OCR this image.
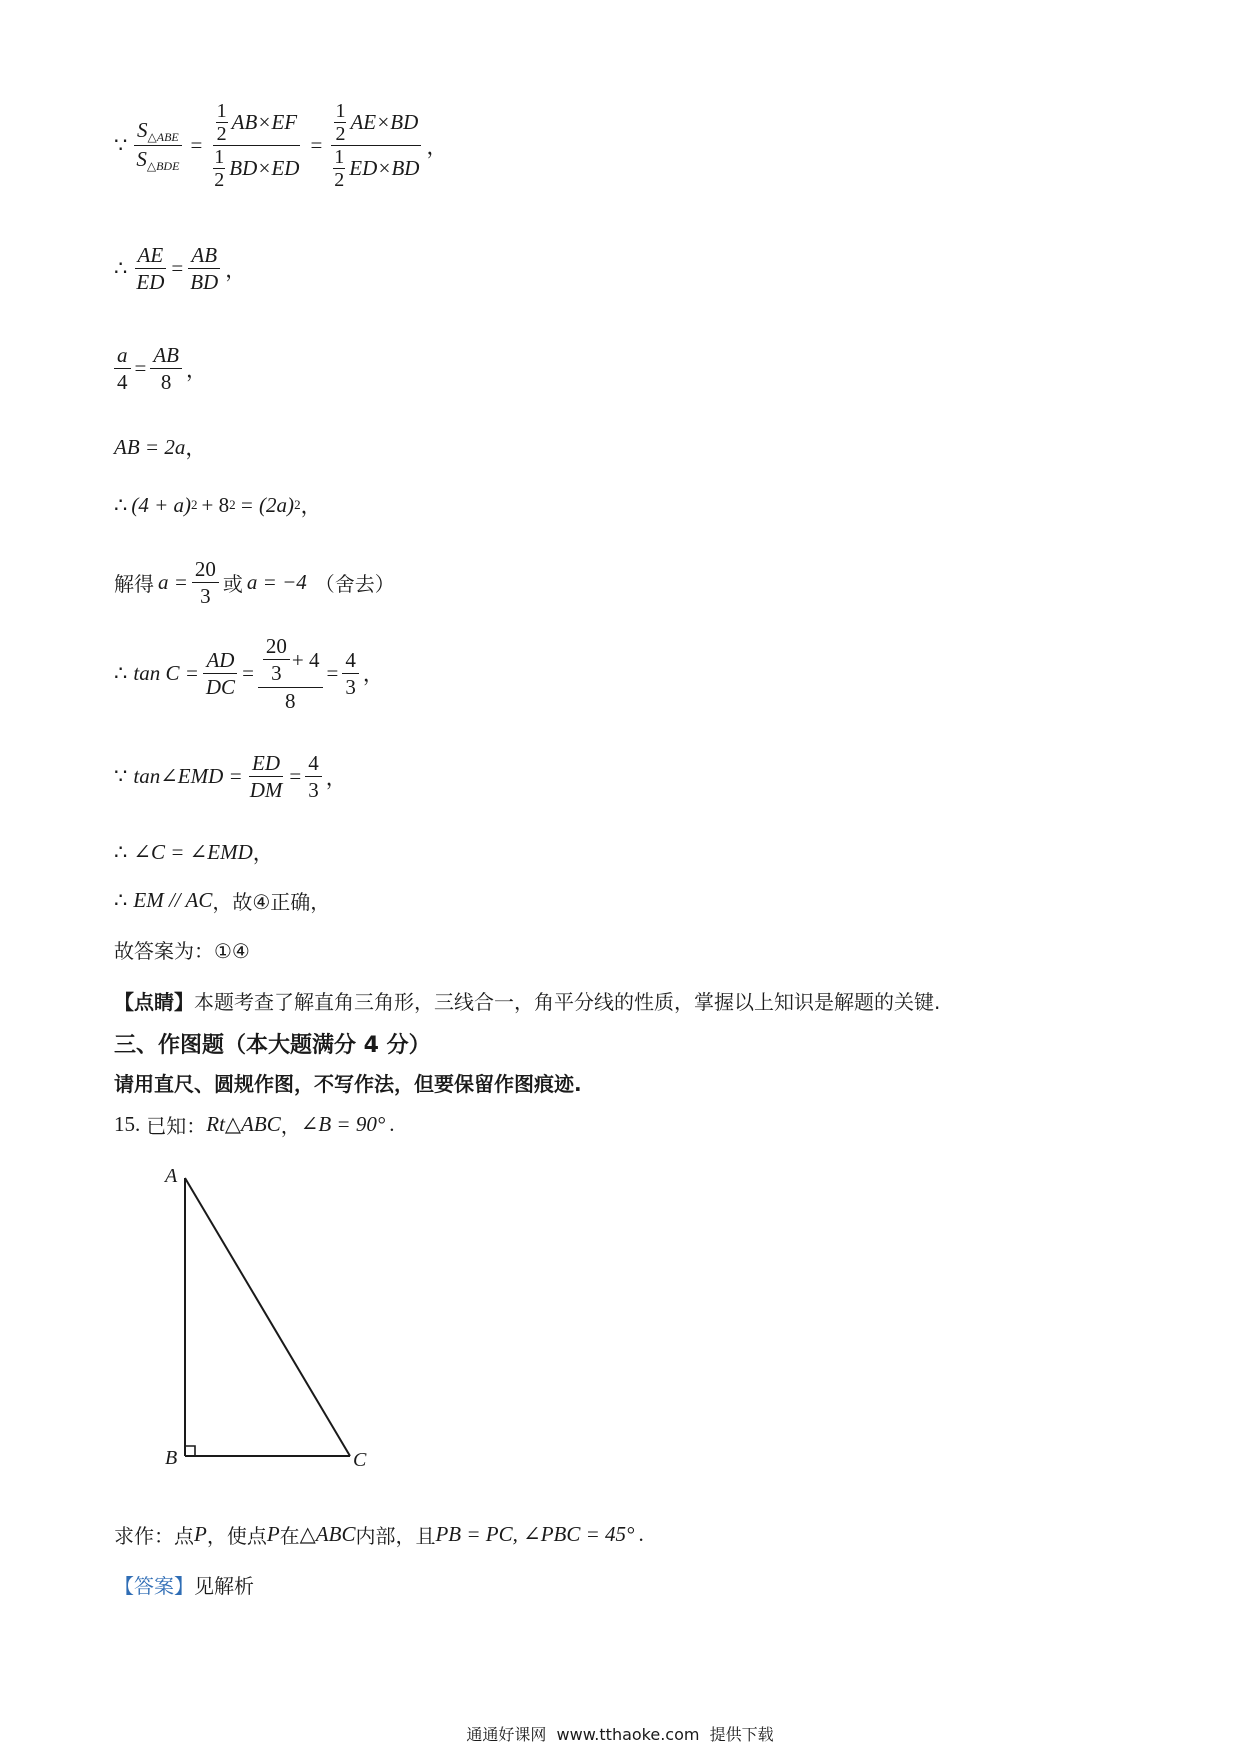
∵ $\frac{S_{\triangle ABE}}{S_{\triangle BDE}} = 1$
2 AB×EF
1
2 BD×ED = 1
2 AE×BD
1
2 ED×BD ，
∴ $\frac{AE}{ED} = \frac{AB}{BD}$ ，
$\frac{a}{4} = \frac{AB}{8}$ ，
AB = 2a ，
∴ (4 + a) 2 + 8 2 = (2a) 2 ，
解得 $a = \frac{20}{3}$ 或 a = −4 （舍去）
∴ $\tan C = \frac{AD}{DC} = \frac{\frac{20}{3} + 4}{8} = \frac{4}{3}$ ，
∵ tan∠EMD = $\frac{ED}{DM} = \frac{4}{3}$ ，
∴ ∠C = ∠EMD ，
∴ EM // AC ，故④正确，
故答案为：①④
【点睛】 本题考查了解直角三角形，三线合一，角平分线的性质，掌握以上知识是解题的关键.
三、作图题（本大题满分 4 分）
请用直尺、圆规作图，不写作法，但要保留作图痕迹.
15. 已知： Rt△ABC ， ∠B = 90° .
A
B	C
求作：点 P ，使点 P 在 △ABC 内部，且 PB = PC, ∠PBC = 45° .
【答案】 见解析
通通好课网  www.tthaoke.com  提供下载
